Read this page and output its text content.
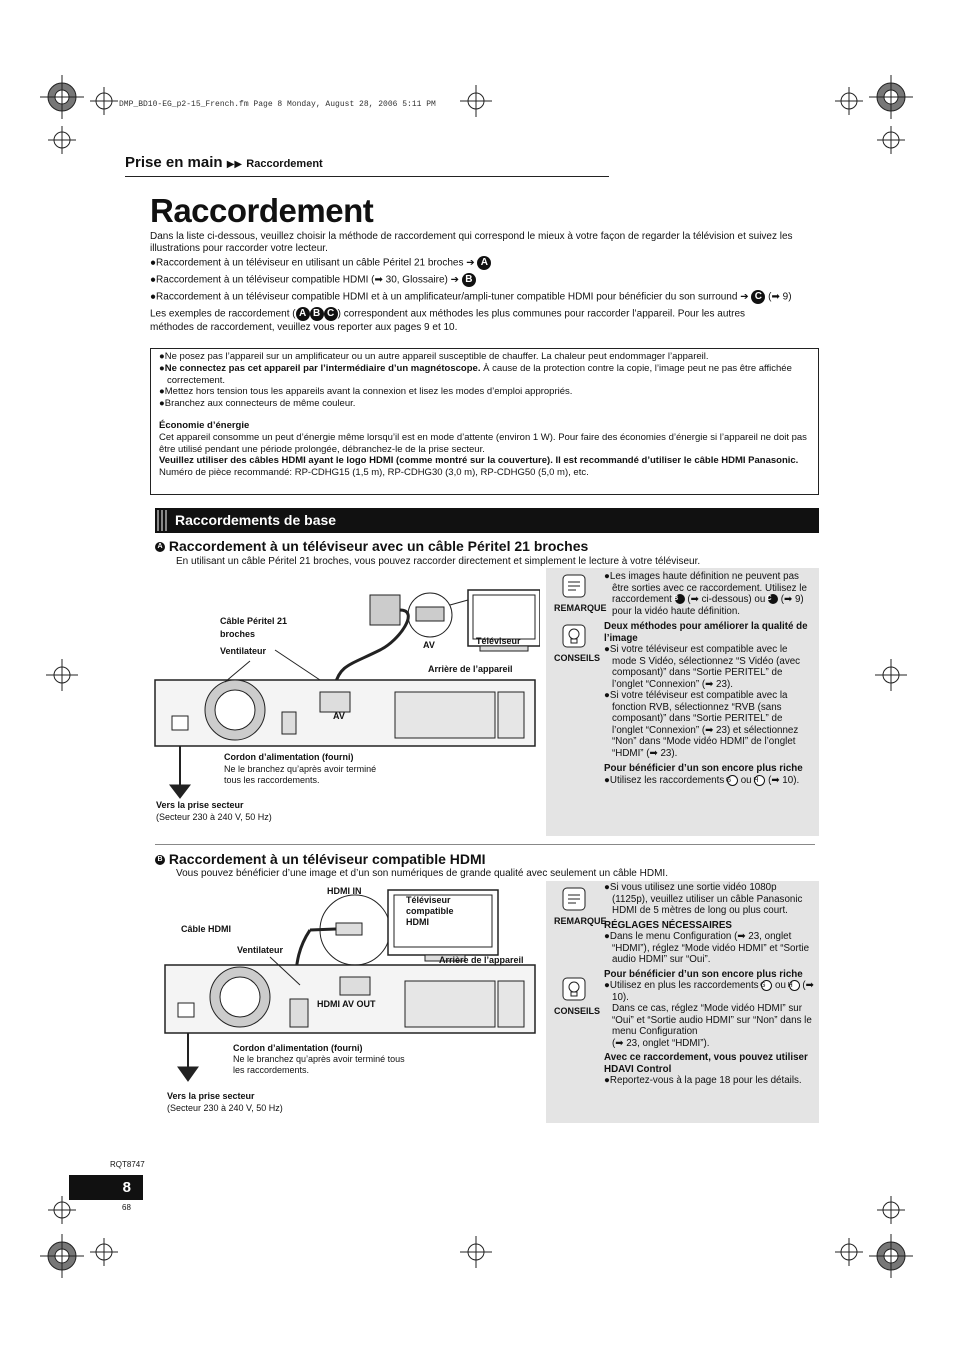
DMP_BD10-EG_p2-15_French.fm Page 8 Monday, August 28, 2006 5:11 PM
Prise en main ▶▶ Raccordement
Raccordement
Dans la liste ci-dessous, veuillez choisir la méthode de raccordement qui correspond le mieux à votre façon de regarder la télévision et suivez les illustrations pour raccorder votre lecteur.
●Raccordement à un téléviseur en utilisant un câble Péritel 21 broches ➔ A
●Raccordement à un téléviseur compatible HDMI (➡ 30, Glossaire) ➔ B
●Raccordement à un téléviseur compatible HDMI et à un amplificateur/ampli-tuner compatible HDMI pour bénéficier du son surround ➔ C (➡ 9)
Les exemples de raccordement ( A B C ) correspondent aux méthodes les plus communes pour raccorder l’appareil. Pour les autres
méthodes de raccordement, veuillez vous reporter aux pages 9 et 10.
●Ne posez pas l’appareil sur un amplificateur ou un autre appareil susceptible de chauffer. La chaleur peut endommager l’appareil.
●Ne connectez pas cet appareil par l’intermédiaire d’un magnétoscope. À cause de la protection contre la copie, l’image peut ne pas être affichée correctement.
●Mettez hors tension tous les appareils avant la connexion et lisez les modes d’emploi appropriés.
●Branchez aux connecteurs de même couleur.
Économie d’énergie
Cet appareil consomme un peut d’énergie même lorsqu’il est en mode d’attente (environ 1 W). Pour faire des économies d’énergie si l’appareil ne doit pas être utilisé pendant une période prolongée, débranchez-le de la prise secteur.
Veuillez utiliser des câbles HDMI ayant le logo HDMI (comme montré sur la couverture). Il est recommandé d’utiliser le câble HDMI Panasonic.
Numéro de pièce recommandé: RP-CDHG15 (1,5 m), RP-CDHG30 (3,0 m), RP-CDHG50 (5,0 m), etc.
Raccordements de base
A Raccordement à un téléviseur avec un câble Péritel 21 broches
En utilisant un câble Péritel 21 broches, vous pouvez raccorder directement et simplement le lecture à votre téléviseur.
Câble Péritel 21
broches
Ventilateur
Téléviseur
AV
Arrière de l’appareil
AV
Cordon d’alimentation (fourni)
Ne le branchez qu’après avoir terminé
tous les raccordements.
Vers la prise secteur
(Secteur 230 à 240 V, 50 Hz)
REMARQUE
CONSEILS
●Les images haute définition ne peuvent pas être sorties avec ce raccordement. Utilisez le raccordement B (➡ ci-dessous) ou C (➡ 9) pour la vidéo haute définition.
Deux méthodes pour améliorer la qualité de l’image
●Si votre téléviseur est compatible avec le mode S Vidéo, sélectionnez “S Vidéo (avec composant)” dans “Sortie PERITEL” de l’onglet “Connexion” (➡ 23).
●Si votre téléviseur est compatible avec la fonction RVB, sélectionnez “RVB (sans composant)” dans “Sortie PERITEL” de l’onglet “Connexion” (➡ 23) et sélectionnez “Non” dans “Mode vidéo HDMI” de l’onglet “HDMI” (➡ 23).
Pour bénéficier d’un son encore plus riche
●Utilisez les raccordements G ou H (➡ 10).
B Raccordement à un téléviseur compatible HDMI
Vous pouvez bénéficier d’une image et d’un son numériques de grande qualité avec seulement un câble HDMI.
HDMI IN
Téléviseur
compatible
HDMI
Câble HDMI
Ventilateur
Arrière de l’appareil
HDMI AV OUT
Cordon d’alimentation (fourni)
Ne le branchez qu’après avoir terminé tous
les raccordements.
Vers la prise secteur
(Secteur 230 à 240 V, 50 Hz)
REMARQUE
CONSEILS
●Si vous utilisez une sortie vidéo 1080p (1125p), veuillez utiliser un câble Panasonic HDMI de 5 mètres de long ou plus court.
RÉGLAGES NÉCESSAIRES
●Dans le menu Configuration (➡ 23, onglet “HDMI”), réglez “Mode vidéo HDMI” et “Sortie audio HDMI” sur “Oui”.
Pour bénéficier d’un son encore plus riche
●Utilisez en plus les raccordements G ou H (➡ 10).
Dans ce cas, réglez “Mode vidéo HDMI” sur “Oui” et “Sortie audio HDMI” sur “Non” dans le menu Configuration
(➡ 23, onglet “HDMI”).
Avec ce raccordement, vous pouvez utiliser HDAVI Control
●Reportez-vous à la page 18 pour les détails.
RQT8747
8
68
